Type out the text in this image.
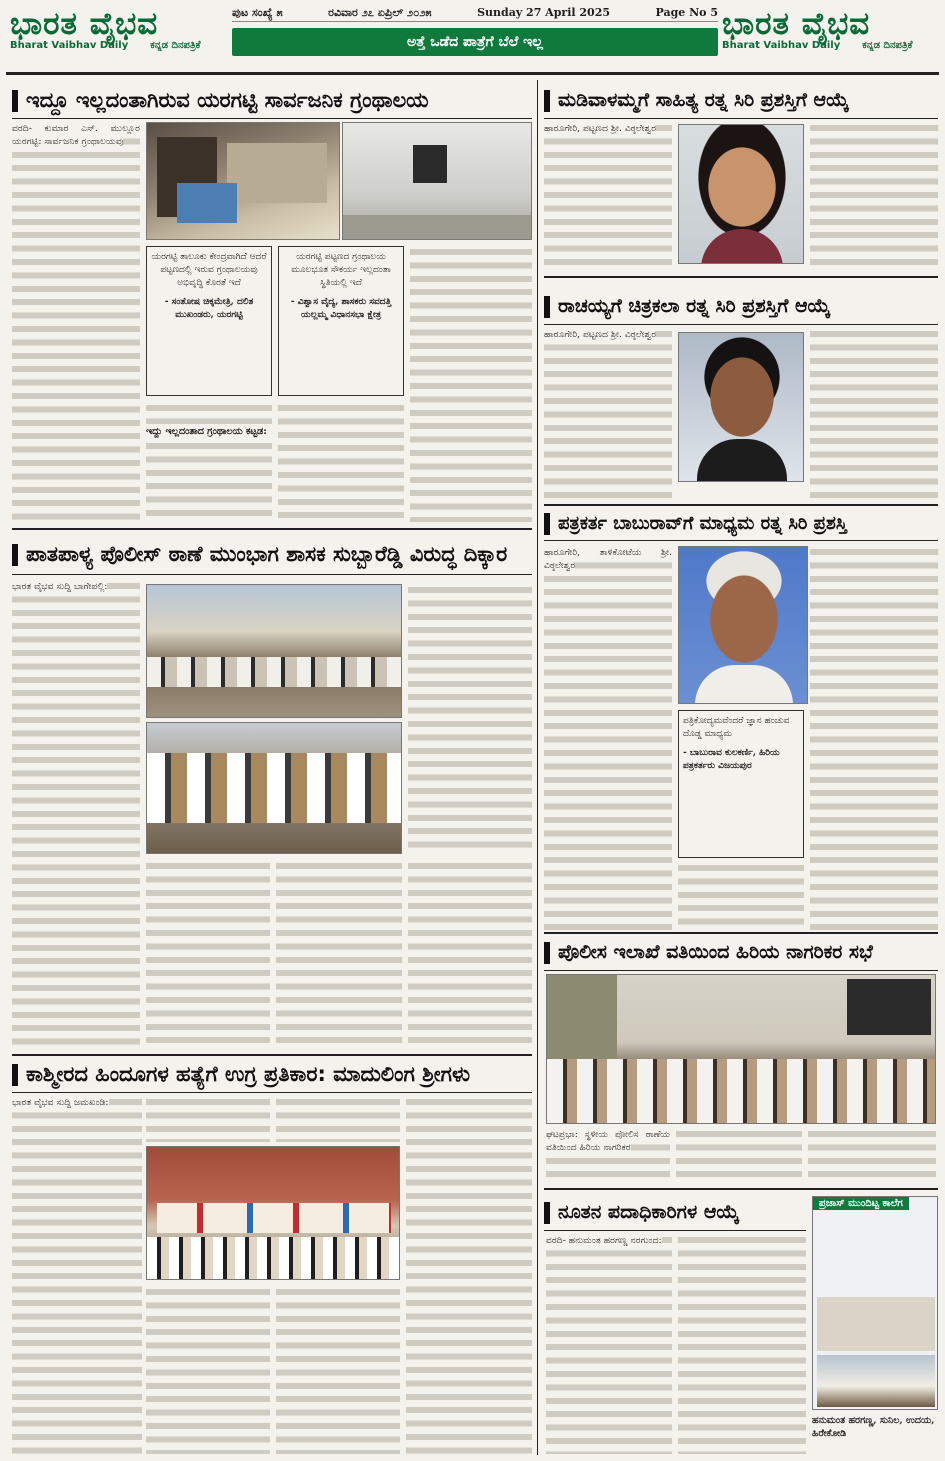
ಭಾರತ ವೈಭವ
Bharat Vaibhav Daily ಕನ್ನಡ ದಿನಪತ್ರಿಕೆ
ಪುಟ ಸಂಖ್ಯೆ ೫	ರವಿವಾರ ೨೭ ಏಪ್ರಿಲ್ ೨೦೨೫	Sunday 27 April 2025	Page No 5
ಅತ್ತೆ ಒಡೆದ ಪಾತ್ರೆಗೆ ಬೆಲೆ ಇಲ್ಲ	ಭಾರತ ವೈಭವ
Bharat Vaibhav Daily ಕನ್ನಡ ದಿನಪತ್ರಿಕೆ
ಇದ್ದೂ ಇಲ್ಲದಂತಾಗಿರುವ ಯರಗಟ್ಟಿ ಸಾರ್ವಜನಿಕ ಗ್ರಂಥಾಲಯ
ವರದಿ- ಕುಮಾರ ಎಸ್. ಮುಲ್ಲೂರ ಯರಗಟ್ಟಿ: ಸಾರ್ವಜನಿಕ ಗ್ರಂಥಾಲಯವು
ಯರಗಟ್ಟಿ ತಾಲೂಕು ಕೇಂದ್ರವಾಗಿದೆ ಆದರೆ ಪಟ್ಟಣದಲ್ಲಿ ಇರುವ ಗ್ರಂಥಾಲಯವು ಅಭಿವೃದ್ಧಿ ಕೊರತೆ ಇದೆ
- ಸಂತೋಷ ಚಿಕ್ಕಮೇತ್ರಿ, ದಲಿತ ಮುಖಂಡರು, ಯರಗಟ್ಟಿ
ಯರಗಟ್ಟಿ ಪಟ್ಟಣದ ಗ್ರಂಥಾಲಯ ಮೂಲಭೂತ ಸೌಕರ್ಯ ಇಲ್ಲದಂತಾ ಸ್ಥಿತಿಯಲ್ಲಿ ಇದೆ
- ವಿಶ್ವಾಸ ವೈದ್ಯ, ಶಾಸಕರು ಸವದತ್ತಿ ಯಲ್ಲಮ್ಮ ವಿಧಾನಸಭಾ ಕ್ಷೇತ್ರ
ಇದ್ದು ಇಲ್ಲದಂತಾದ ಗ್ರಂಥಾಲಯ ಕಟ್ಟಡ:
ಪಾತಪಾಳ್ಯ ಪೊಲೀಸ್ ಠಾಣೆ ಮುಂಭಾಗ ಶಾಸಕ ಸುಬ್ಬಾರೆಡ್ಡಿ ವಿರುದ್ಧ ದಿಕ್ಕಾರ
ಭಾರತ ವೈಭವ ಸುದ್ದಿ ಬಾಗೇಪಲ್ಲಿ:
ಕಾಶ್ಮೀರದ ಹಿಂದೂಗಳ ಹತ್ಯೆಗೆ ಉಗ್ರ ಪ್ರತಿಕಾರ: ಮಾದುಲಿಂಗ ಶ್ರೀಗಳು
ಭಾರತ ವೈಭವ ಸುದ್ದಿ ಜಮಖಂಡಿ:
ಮಡಿವಾಳಮ್ಮಗೆ ಸಾಹಿತ್ಯ ರತ್ನ ಸಿರಿ ಪ್ರಶಸ್ತಿಗೆ ಆಯ್ಕೆ
ಹಾರೂಗೇರಿ, ಪಟ್ಟಣದ ಶ್ರೀ. ವಿಠ್ಠಲೇಶ್ವರ
ರಾಚಯ್ಯಗೆ ಚಿತ್ರಕಲಾ ರತ್ನ ಸಿರಿ ಪ್ರಶಸ್ತಿಗೆ ಆಯ್ಕೆ
ಹಾರೂಗೇರಿ, ಪಟ್ಟಣದ ಶ್ರೀ. ವಿಠ್ಠಲೇಶ್ವರ
ಪತ್ರಕರ್ತ ಬಾಬುರಾವ್‌ಗೆ ಮಾಧ್ಯಮ ರತ್ನ ಸಿರಿ ಪ್ರಶಸ್ತಿ
ಹಾರೂಗೇರಿ, ತಾಳಿಕೋಟೆಯ ಶ್ರೀ. ವಿಠ್ಠಲೇಶ್ವರ
ಪತ್ರಿಕೋದ್ಯಮವೆಂದರೆ ಜ್ಞಾನ ಹಂಚುವ ದೊಡ್ಡ ಮಾಧ್ಯಮ
- ಬಾಬುರಾವ ಕುಲಕರ್ಣಿ, ಹಿರಿಯ ಪತ್ರಕರ್ತರು ವಿಜಯಪುರ
ಪೊಲೀಸ ಇಲಾಖೆ ವತಿಯಿಂದ ಹಿರಿಯ ನಾಗರಿಕರ ಸಭೆ
ಘಟಪ್ರಭಾ: ಸ್ಥಳೀಯ ಪೋಲಿಸ ಠಾಣೆಯ ವತಿಯಿಂದ ಹಿರಿಯ ನಾಗರಿಕರ
ನೂತನ ಪದಾಧಿಕಾರಿಗಳ ಆಯ್ಕೆ
ವರದಿ- ಹನುಮಂತ ಹರಗಣ್ಣ ನರಗುಂದ:
ಪ್ರಜಾಸ್ ಮುಂದಿಟ್ಟ ಕಾಲೆಗ
ಹನುಮಂತ ಹರಗಣ್ಣ, ಸುನಿಲ, ಉದಯ, ಹಿರೇಕೋಡಿ
